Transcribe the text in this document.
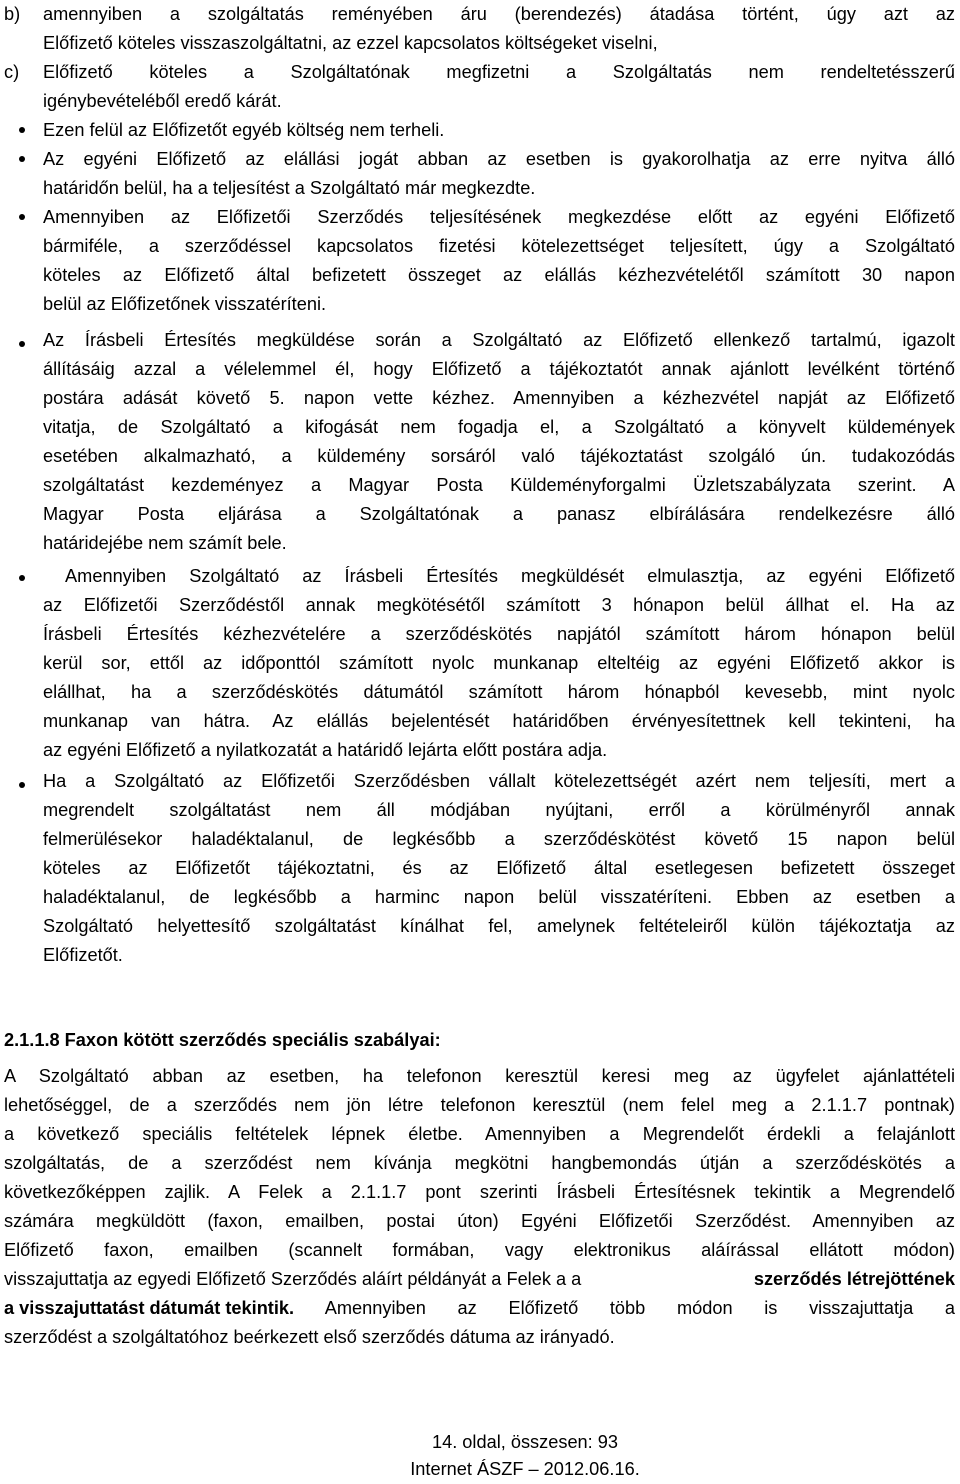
b) amennyiben a szolgáltatás reményében áru (berendezés) átadása történt, úgy azt az
Előfizető köteles visszaszolgáltatni, az ezzel kapcsolatos költségeket viselni,
c) Előfizető köteles a Szolgáltatónak megfizetni a Szolgáltatás nem rendeltetésszerű
igénybevételéből eredő kárát.
Ezen felül az Előfizetőt egyéb költség nem terheli.
Az egyéni Előfizető az elállási jogát abban az esetben is gyakorolhatja az erre nyitva álló
határidőn belül, ha a teljesítést a Szolgáltató már megkezdte.
Amennyiben az Előfizetői Szerződés teljesítésének megkezdése előtt az egyéni Előfizető
bármiféle, a szerződéssel kapcsolatos fizetési kötelezettséget teljesített, úgy a Szolgáltató
köteles az Előfizető által befizetett összeget az elállás kézhezvételétől számított 30 napon
belül az Előfizetőnek visszatéríteni.
Az Írásbeli Értesítés megküldése során a Szolgáltató az Előfizető ellenkező tartalmú, igazolt
állításáig azzal a vélelemmel él, hogy Előfizető a tájékoztatót annak ajánlott levélként történő
postára adását követő 5. napon vette kézhez. Amennyiben a kézhezvétel napját az Előfizető
vitatja, de Szolgáltató a kifogását nem fogadja el, a Szolgáltató a könyvelt küldemények
esetében alkalmazható, a küldemény sorsáról való tájékoztatást szolgáló ún. tudakozódás
szolgáltatást kezdeményez a Magyar Posta Küldeményforgalmi Üzletszabályzata szerint. A
Magyar Posta eljárása a Szolgáltatónak a panasz elbírálására rendelkezésre álló
határidejébe nem számít bele.
Amennyiben Szolgáltató az Írásbeli Értesítés megküldését elmulasztja, az egyéni Előfizető
az Előfizetői Szerződéstől annak megkötésétől számított 3 hónapon belül állhat el. Ha az
Írásbeli Értesítés kézhezvételére a szerződéskötés napjától számított három hónapon belül
kerül sor, ettől az időponttól számított nyolc munkanap elteltéig az egyéni Előfizető akkor is
elállhat, ha a szerződéskötés dátumától számított három hónapból kevesebb, mint nyolc
munkanap van hátra. Az elállás bejelentését határidőben érvényesítettnek kell tekinteni, ha
az egyéni Előfizető a nyilatkozatát a határidő lejárta előtt postára adja.
Ha a Szolgáltató az Előfizetői Szerződésben vállalt kötelezettségét azért nem teljesíti, mert a
megrendelt szolgáltatást nem áll módjában nyújtani, erről a körülményről annak
felmerülésekor haladéktalanul, de legkésőbb a szerződéskötést követő 15 napon belül
köteles az Előfizetőt tájékoztatni, és az Előfizető által esetlegesen befizetett összeget
haladéktalanul, de legkésőbb a harminc napon belül visszatéríteni. Ebben az esetben a
Szolgáltató helyettesítő szolgáltatást kínálhat fel, amelynek feltételeiről külön tájékoztatja az
Előfizetőt.
2.1.1.8 Faxon kötött szerződés speciális szabályai:
A Szolgáltató abban az esetben, ha telefonon keresztül keresi meg az ügyfelet ajánlattételi
lehetőséggel, de a szerződés nem jön létre telefonon keresztül (nem felel meg a 2.1.1.7 pontnak)
a következő speciális feltételek lépnek életbe. Amennyiben a Megrendelőt érdekli a felajánlott
szolgáltatás, de a szerződést nem kívánja megkötni hangbemondás útján a szerződéskötés a
következőképpen zajlik. A Felek a 2.1.1.7 pont szerinti Írásbeli Értesítésnek tekintik a Megrendelő
számára megküldött (faxon, emailben, postai úton) Egyéni Előfizetői Szerződést. Amennyiben az
Előfizető faxon, emailben (scannelt formában, vagy elektronikus aláírással ellátott módon)
visszajuttatja az egyedi Előfizető Szerződés aláírt példányát a Felek a a	szerződés létrejöttének
a visszajuttatást dátumát tekintik. Amennyiben az Előfizető több módon is visszajuttatja a
szerződést a szolgáltatóhoz beérkezett első szerződés dátuma az irányadó.
14. oldal, összesen: 93
Internet ÁSZF – 2012.06.16.
